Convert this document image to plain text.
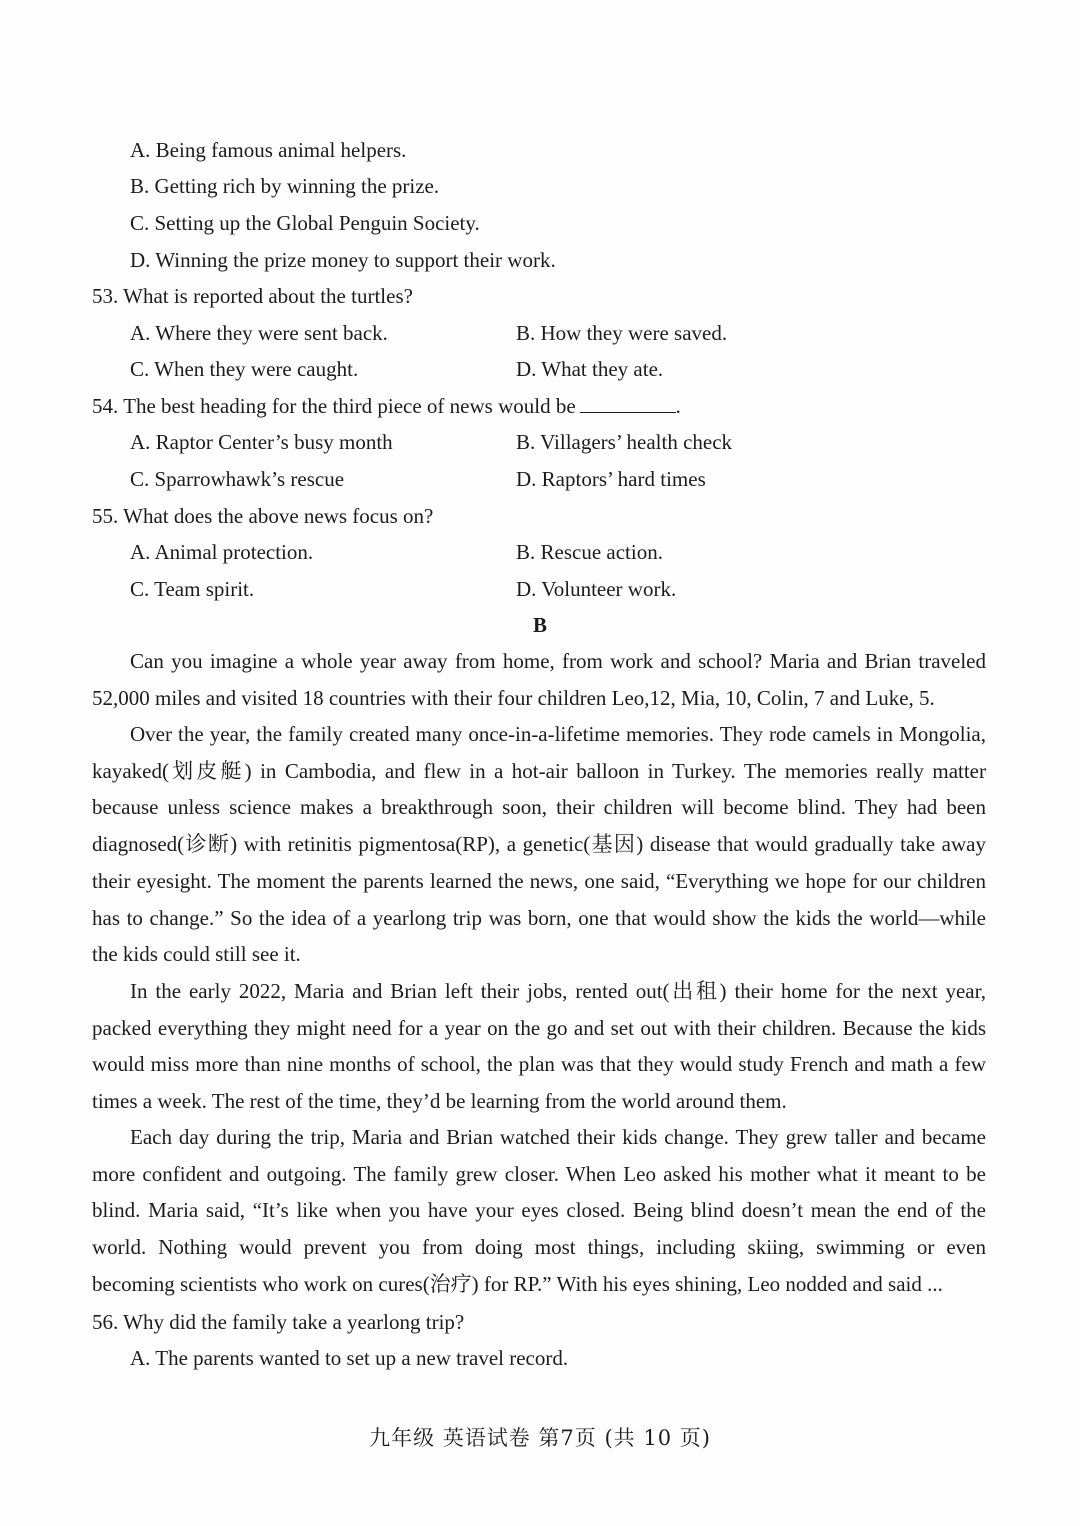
A. Being famous animal helpers.
B. Getting rich by winning the prize.
C. Setting up the Global Penguin Society.
D. Winning the prize money to support their work.
53. What is reported about the turtles?
A. Where they were sent back.	B. How they were saved.
C. When they were caught.	D. What they ate.
54. The best heading for the third piece of news would be	.
A. Raptor Center’s busy month	B. Villagers’ health check
C. Sparrowhawk’s rescue	D. Raptors’ hard times
55. What does the above news focus on?
A. Animal protection.	B. Rescue action.
C. Team spirit.	D. Volunteer work.
B
Can you imagine a whole year away from home, from work and school? Maria and Brian traveled 52,000 miles and visited 18 countries with their four children Leo,12, Mia, 10, Colin, 7 and Luke, 5.
Over the year, the family created many once-in-a-lifetime memories. They rode camels in Mongolia, kayaked(划皮艇) in Cambodia, and flew in a hot-air balloon in Turkey. The memories really matter because unless science makes a breakthrough soon, their children will become blind. They had been diagnosed(诊断) with retinitis pigmentosa(RP), a genetic(基因) disease that would gradually take away their eyesight. The moment the parents learned the news, one said, “Everything we hope for our children has to change.” So the idea of a yearlong trip was born, one that would show the kids the world—while the kids could still see it.
In the early 2022, Maria and Brian left their jobs, rented out(出租) their home for the next year, packed everything they might need for a year on the go and set out with their children. Because the kids would miss more than nine months of school, the plan was that they would study French and math a few times a week. The rest of the time, they’d be learning from the world around them.
Each day during the trip, Maria and Brian watched their kids change. They grew taller and became more confident and outgoing. The family grew closer. When Leo asked his mother what it meant to be blind. Maria said, “It’s like when you have your eyes closed. Being blind doesn’t mean the end of the world. Nothing would prevent you from doing most things, including skiing, swimming or even becoming scientists who work on cures(治疗) for RP.” With his eyes shining, Leo nodded and said ...
56. Why did the family take a yearlong trip?
A. The parents wanted to set up a new travel record.
九年级 英语试卷 第7页 (共 10 页)
